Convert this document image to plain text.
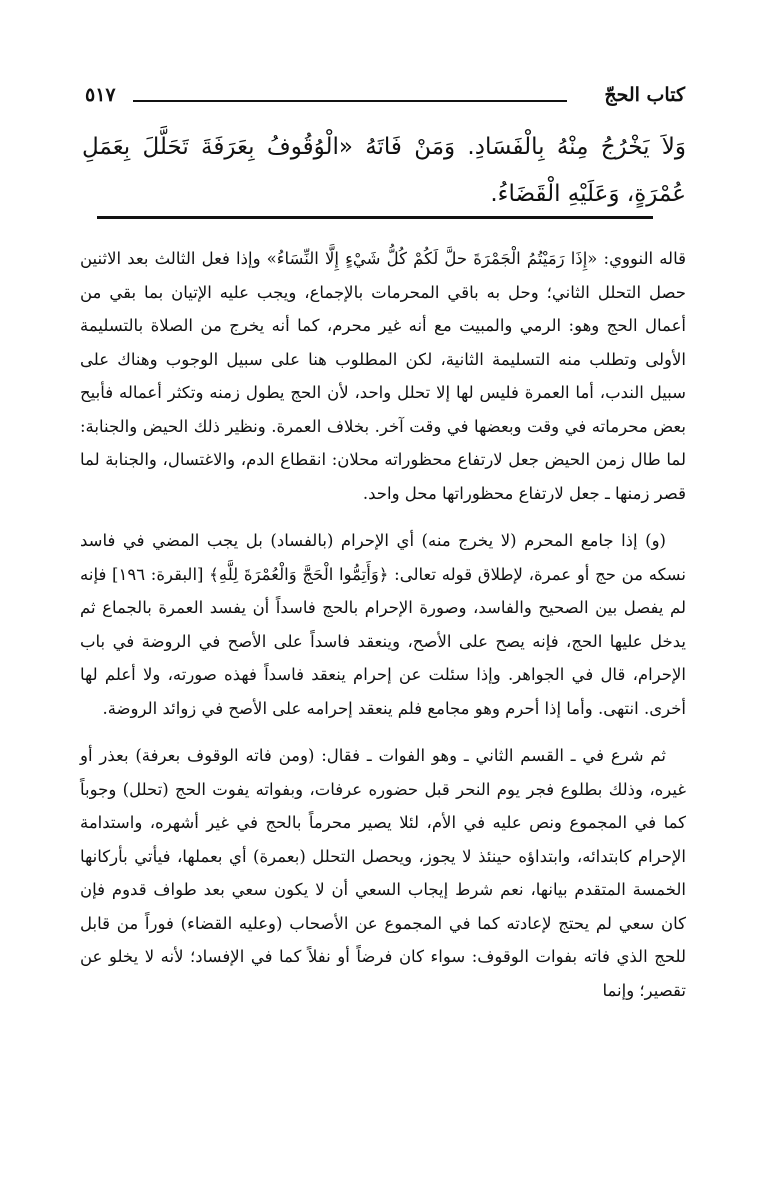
كتاب الحجّ
٥١٧
وَلاَ يَخْرُجُ مِنْهُ بِالْفَسَادِ. وَمَنْ فَاتَهُ «الْوُقُوفُ بِعَرَفَةَ تَحَلَّلَ بِعَمَلِ عُمْرَةٍ، وَعَلَيْهِ الْقَضَاءُ.

قاله النووي: «إِذَا رَمَيْتُمُ الْجَمْرَةَ حلَّ لَكُمْ كُلُّ شَيْءٍ إِلَّا النِّسَاءُ» وإذا فعل الثالث بعد الاثنين حصل التحلل الثاني؛ وحل به باقي المحرمات بالإجماع، ويجب عليه الإتيان بما بقي من أعمال الحج وهو: الرمي والمبيت مع أنه غير محرم، كما أنه يخرج من الصلاة بالتسليمة الأولى وتطلب منه التسليمة الثانية، لكن المطلوب هنا على سبيل الوجوب وهناك على سبيل الندب، أما العمرة فليس لها إلا تحلل واحد، لأن الحج يطول زمنه وتكثر أعماله فأبيح بعض محرماته في وقت وبعضها في وقت آخر. بخلاف العمرة. ونظير ذلك الحيض والجنابة: لما طال زمن الحيض جعل لارتفاع محظوراته محلان: انقطاع الدم، والاغتسال، والجنابة لما قصر زمنها ـ جعل لارتفاع محظوراتها محل واحد.

(و) إذا جامع المحرم (لا يخرج منه) أي الإحرام (بالفساد) بل يجب المضي في فاسد نسكه من حج أو عمرة، لإطلاق قوله تعالى: ﴿وَأَتِمُّوا الْحَجَّ وَالْعُمْرَةَ لِلَّهِ﴾ [البقرة: ١٩٦] فإنه لم يفصل بين الصحيح والفاسد، وصورة الإحرام بالحج فاسداً أن يفسد العمرة بالجماع ثم يدخل عليها الحج، فإنه يصح على الأصح، وينعقد فاسداً على الأصح في الروضة في باب الإحرام، قال في الجواهر. وإذا سئلت عن إحرام ينعقد فاسداً فهذه صورته، ولا أعلم لها أخرى. انتهى. وأما إذا أحرم وهو مجامع فلم ينعقد إحرامه على الأصح في زوائد الروضة.

ثم شرع في ـ القسم الثاني ـ وهو الفوات ـ فقال: (ومن فاته الوقوف بعرفة) بعذر أو غيره، وذلك بطلوع فجر يوم النحر قبل حضوره عرفات، وبفواته يفوت الحج (تحلل) وجوباً كما في المجموع ونص عليه في الأم، لئلا يصير محرماً بالحج في غير أشهره، واستدامة الإحرام كابتدائه، وابتداؤه حينئذ لا يجوز، ويحصل التحلل (بعمرة) أي بعملها، فيأتي بأركانها الخمسة المتقدم بيانها، نعم شرط إيجاب السعي أن لا يكون سعي بعد طواف قدوم فإن كان سعي لم يحتج لإعادته كما في المجموع عن الأصحاب (وعليه القضاء) فوراً من قابل للحج الذي فاته بفوات الوقوف: سواء كان فرضاً أو نفلاً كما في الإفساد؛ لأنه لا يخلو عن تقصير؛ وإنما
